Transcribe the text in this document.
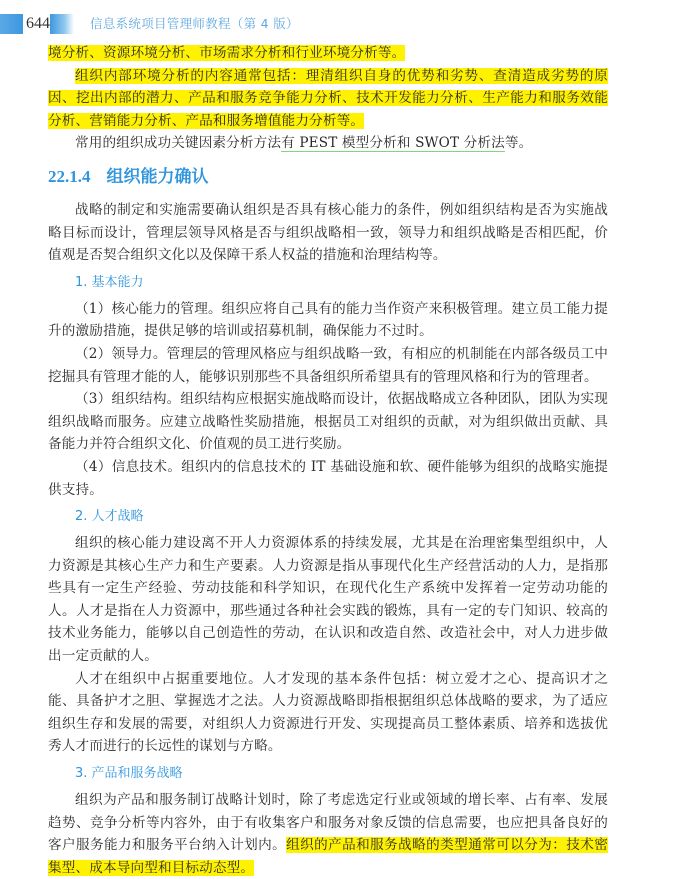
644	信息系统项目管理师教程（第 4 版）

境分析、资源环境分析、市场需求分析和行业环境分析等。

组织内部环境分析的内容通常包括：理清组织自身的优势和劣势、查清造成劣势的原因、挖出内部的潜力、产品和服务竞争能力分析、技术开发能力分析、生产能力和服务效能分析、营销能力分析、产品和服务增值能力分析等。

常用的组织成功关键因素分析方法有 PEST 模型分析和 SWOT 分析法等。

22.1.4 组织能力确认

战略的制定和实施需要确认组织是否具有核心能力的条件，例如组织结构是否为实施战略目标而设计，管理层领导风格是否与组织战略相一致，领导力和组织战略是否相匹配，价值观是否契合组织文化以及保障干系人权益的措施和治理结构等。

1. 基本能力

（1）核心能力的管理。组织应将自己具有的能力当作资产来积极管理。建立员工能力提升的激励措施，提供足够的培训或招募机制，确保能力不过时。

（2）领导力。管理层的管理风格应与组织战略一致，有相应的机制能在内部各级员工中挖掘具有管理才能的人，能够识别那些不具备组织所希望具有的管理风格和行为的管理者。

（3）组织结构。组织结构应根据实施战略而设计，依据战略成立各种团队，团队为实现组织战略而服务。应建立战略性奖励措施，根据员工对组织的贡献，对为组织做出贡献、具备能力并符合组织文化、价值观的员工进行奖励。

（4）信息技术。组织内的信息技术的 IT 基础设施和软、硬件能够为组织的战略实施提供支持。

2. 人才战略

组织的核心能力建设离不开人力资源体系的持续发展，尤其是在治理密集型组织中，人力资源是其核心生产力和生产要素。人力资源是指从事现代化生产经营活动的人力，是指那些具有一定生产经验、劳动技能和科学知识，在现代化生产系统中发挥着一定劳动功能的人。人才是指在人力资源中，那些通过各种社会实践的锻炼，具有一定的专门知识、较高的技术业务能力，能够以自己创造性的劳动，在认识和改造自然、改造社会中，对人力进步做出一定贡献的人。

人才在组织中占据重要地位。人才发现的基本条件包括：树立爱才之心、提高识才之能、具备护才之胆、掌握选才之法。人力资源战略即指根据组织总体战略的要求，为了适应组织生存和发展的需要，对组织人力资源进行开发、实现提高员工整体素质、培养和选拔优秀人才而进行的长远性的谋划与方略。

3. 产品和服务战略

组织为产品和服务制订战略计划时，除了考虑选定行业或领域的增长率、占有率、发展趋势、竞争分析等内容外，由于有收集客户和服务对象反馈的信息需要，也应把具备良好的客户服务能力和服务平台纳入计划内。组织的产品和服务战略的类型通常可以分为：技术密集型、成本导向型和目标动态型。
